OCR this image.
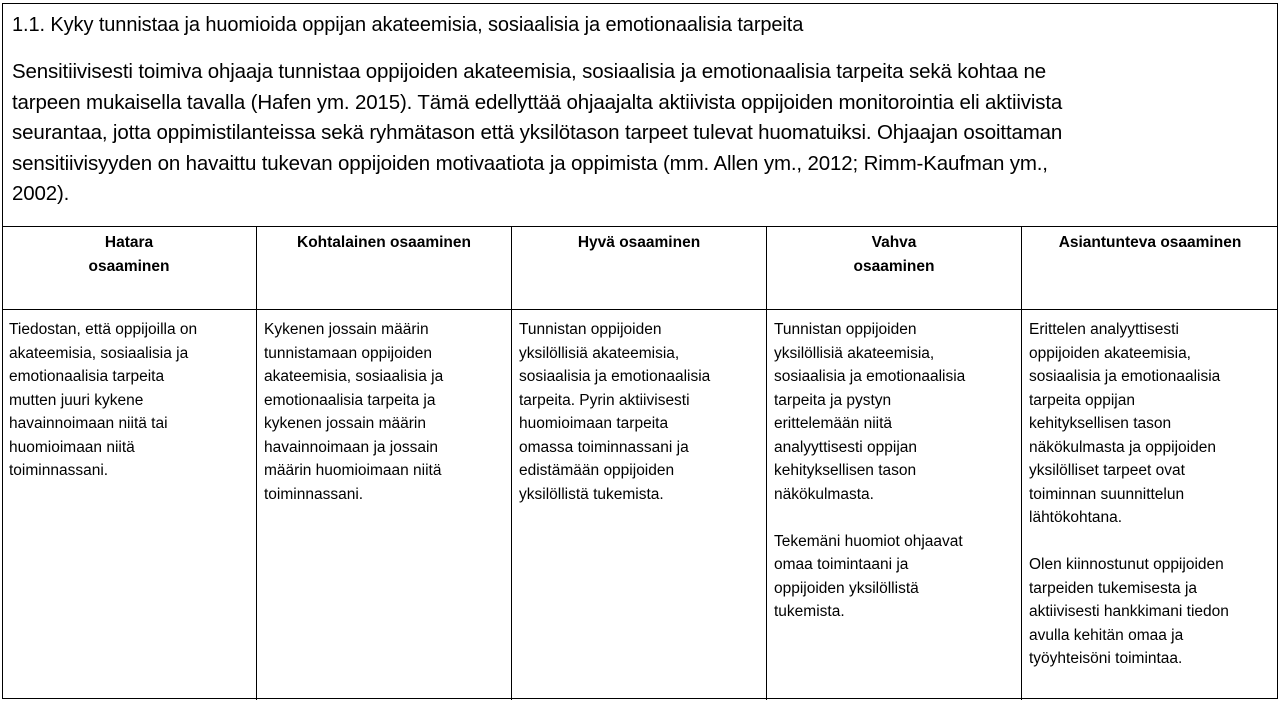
1.1. Kyky tunnistaa ja huomioida oppijan akateemisia, sosiaalisia ja emotionaalisia tarpeita
Sensitiivisesti toimiva ohjaaja tunnistaa oppijoiden akateemisia, sosiaalisia ja emotionaalisia tarpeita sekä kohtaa ne
tarpeen mukaisella tavalla (Hafen ym. 2015). Tämä edellyttää ohjaajalta aktiivista oppijoiden monitorointia eli aktiivista
seurantaa, jotta oppimistilanteissa sekä ryhmätason että yksilötason tarpeet tulevat huomatuiksi. Ohjaajan osoittaman
sensitiivisyyden on havaittu tukevan oppijoiden motivaatiota ja oppimista (mm. Allen ym., 2012; Rimm-Kaufman ym.,
2002).
Hatara
osaaminen
Kohtalainen osaaminen	Hyvä osaaminen	Vahva
osaaminen
Asiantunteva osaaminen

Tiedostan, että oppijoilla on
akateemisia, sosiaalisia ja
emotionaalisia tarpeita
mutten juuri kykene
havainnoimaan niitä tai
huomioimaan niitä
toiminnassani.

Kykenen jossain määrin
tunnistamaan oppijoiden
akateemisia, sosiaalisia ja
emotionaalisia tarpeita ja
kykenen jossain määrin
havainnoimaan ja jossain
määrin huomioimaan niitä
toiminnassani.

Tunnistan oppijoiden
yksilöllisiä akateemisia,
sosiaalisia ja emotionaalisia
tarpeita. Pyrin aktiivisesti
huomioimaan tarpeita
omassa toiminnassani ja
edistämään oppijoiden
yksilöllistä tukemista.

Tunnistan oppijoiden
yksilöllisiä akateemisia,
sosiaalisia ja emotionaalisia
tarpeita ja pystyn
erittelemään niitä
analyyttisesti oppijan
kehityksellisen tason
näkökulmasta.

Tekemäni huomiot ohjaavat
omaa toimintaani ja
oppijoiden yksilöllistä
tukemista.

Erittelen analyyttisesti
oppijoiden akateemisia,
sosiaalisia ja emotionaalisia
tarpeita oppijan
kehityksellisen tason
näkökulmasta ja oppijoiden
yksilölliset tarpeet ovat
toiminnan suunnittelun
lähtökohtana.

Olen kiinnostunut oppijoiden
tarpeiden tukemisesta ja
aktiivisesti hankkimani tiedon
avulla kehitän omaa ja
työyhteisöni toimintaa.
